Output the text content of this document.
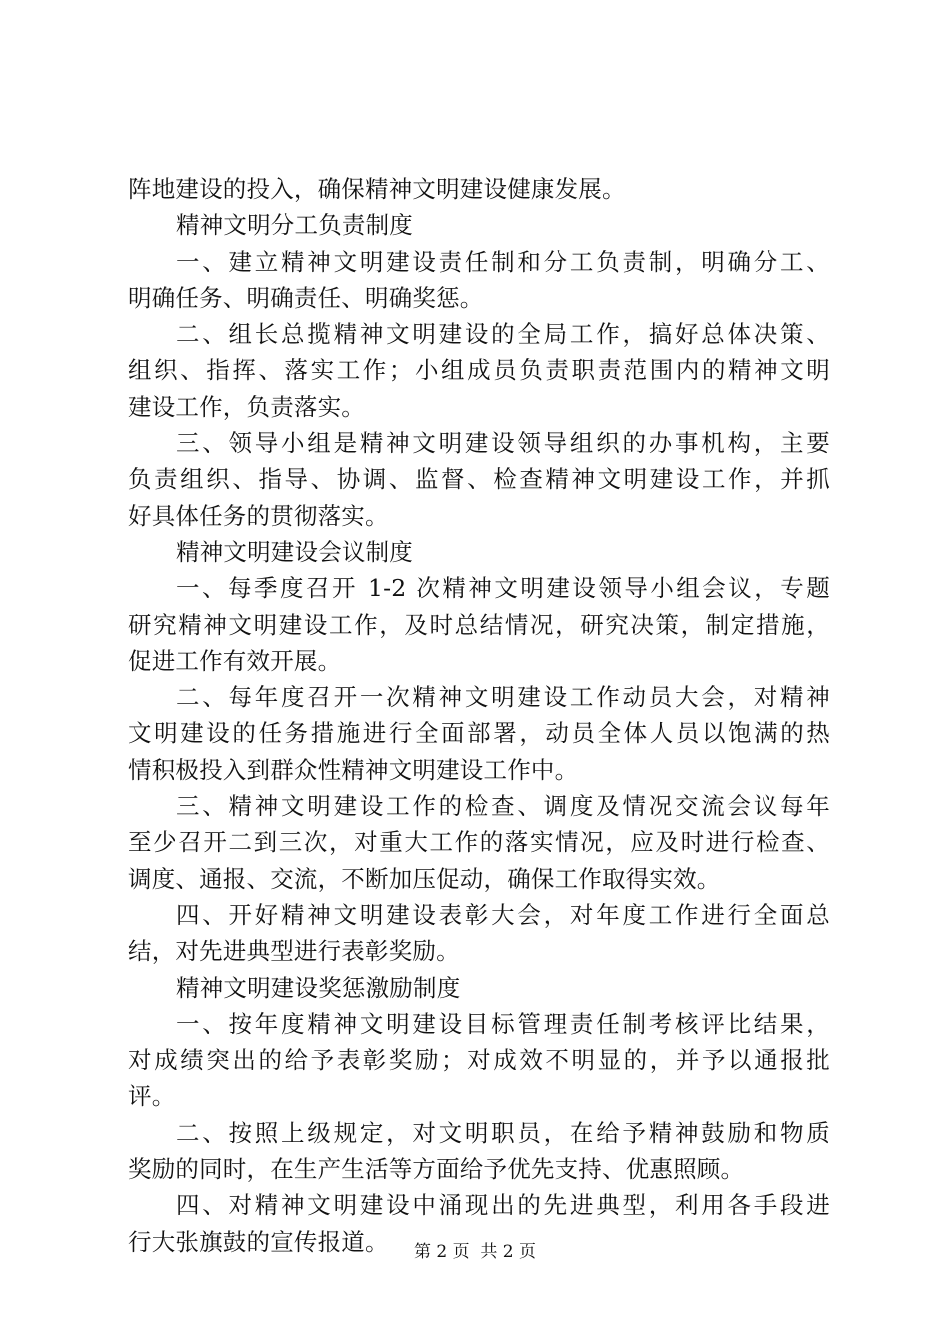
阵地建设的投入，确保精神文明建设健康发展。
精神文明分工负责制度
一、建立精神文明建设责任制和分工负责制，明确分工、
明确任务、明确责任、明确奖惩。
二、组长总揽精神文明建设的全局工作，搞好总体决策、
组织、指挥、落实工作；小组成员负责职责范围内的精神文明
建设工作，负责落实。
三、领导小组是精神文明建设领导组织的办事机构，主要
负责组织、指导、协调、监督、检查精神文明建设工作，并抓
好具体任务的贯彻落实。
精神文明建设会议制度
一、每季度召开 1-2 次精神文明建设领导小组会议，专题
研究精神文明建设工作，及时总结情况，研究决策，制定措施，
促进工作有效开展。
二、每年度召开一次精神文明建设工作动员大会，对精神
文明建设的任务措施进行全面部署，动员全体人员以饱满的热
情积极投入到群众性精神文明建设工作中。
三、精神文明建设工作的检查、调度及情况交流会议每年
至少召开二到三次，对重大工作的落实情况，应及时进行检查、
调度、通报、交流，不断加压促动，确保工作取得实效。
四、开好精神文明建设表彰大会，对年度工作进行全面总
结，对先进典型进行表彰奖励。
精神文明建设奖惩激励制度
一、按年度精神文明建设目标管理责任制考核评比结果，
对成绩突出的给予表彰奖励；对成效不明显的，并予以通报批
评。
二、按照上级规定，对文明职员，在给予精神鼓励和物质
奖励的同时，在生产生活等方面给予优先支持、优惠照顾。
四、对精神文明建设中涌现出的先进典型，利用各手段进
行大张旗鼓的宣传报道。	第 2 页  共 2 页
